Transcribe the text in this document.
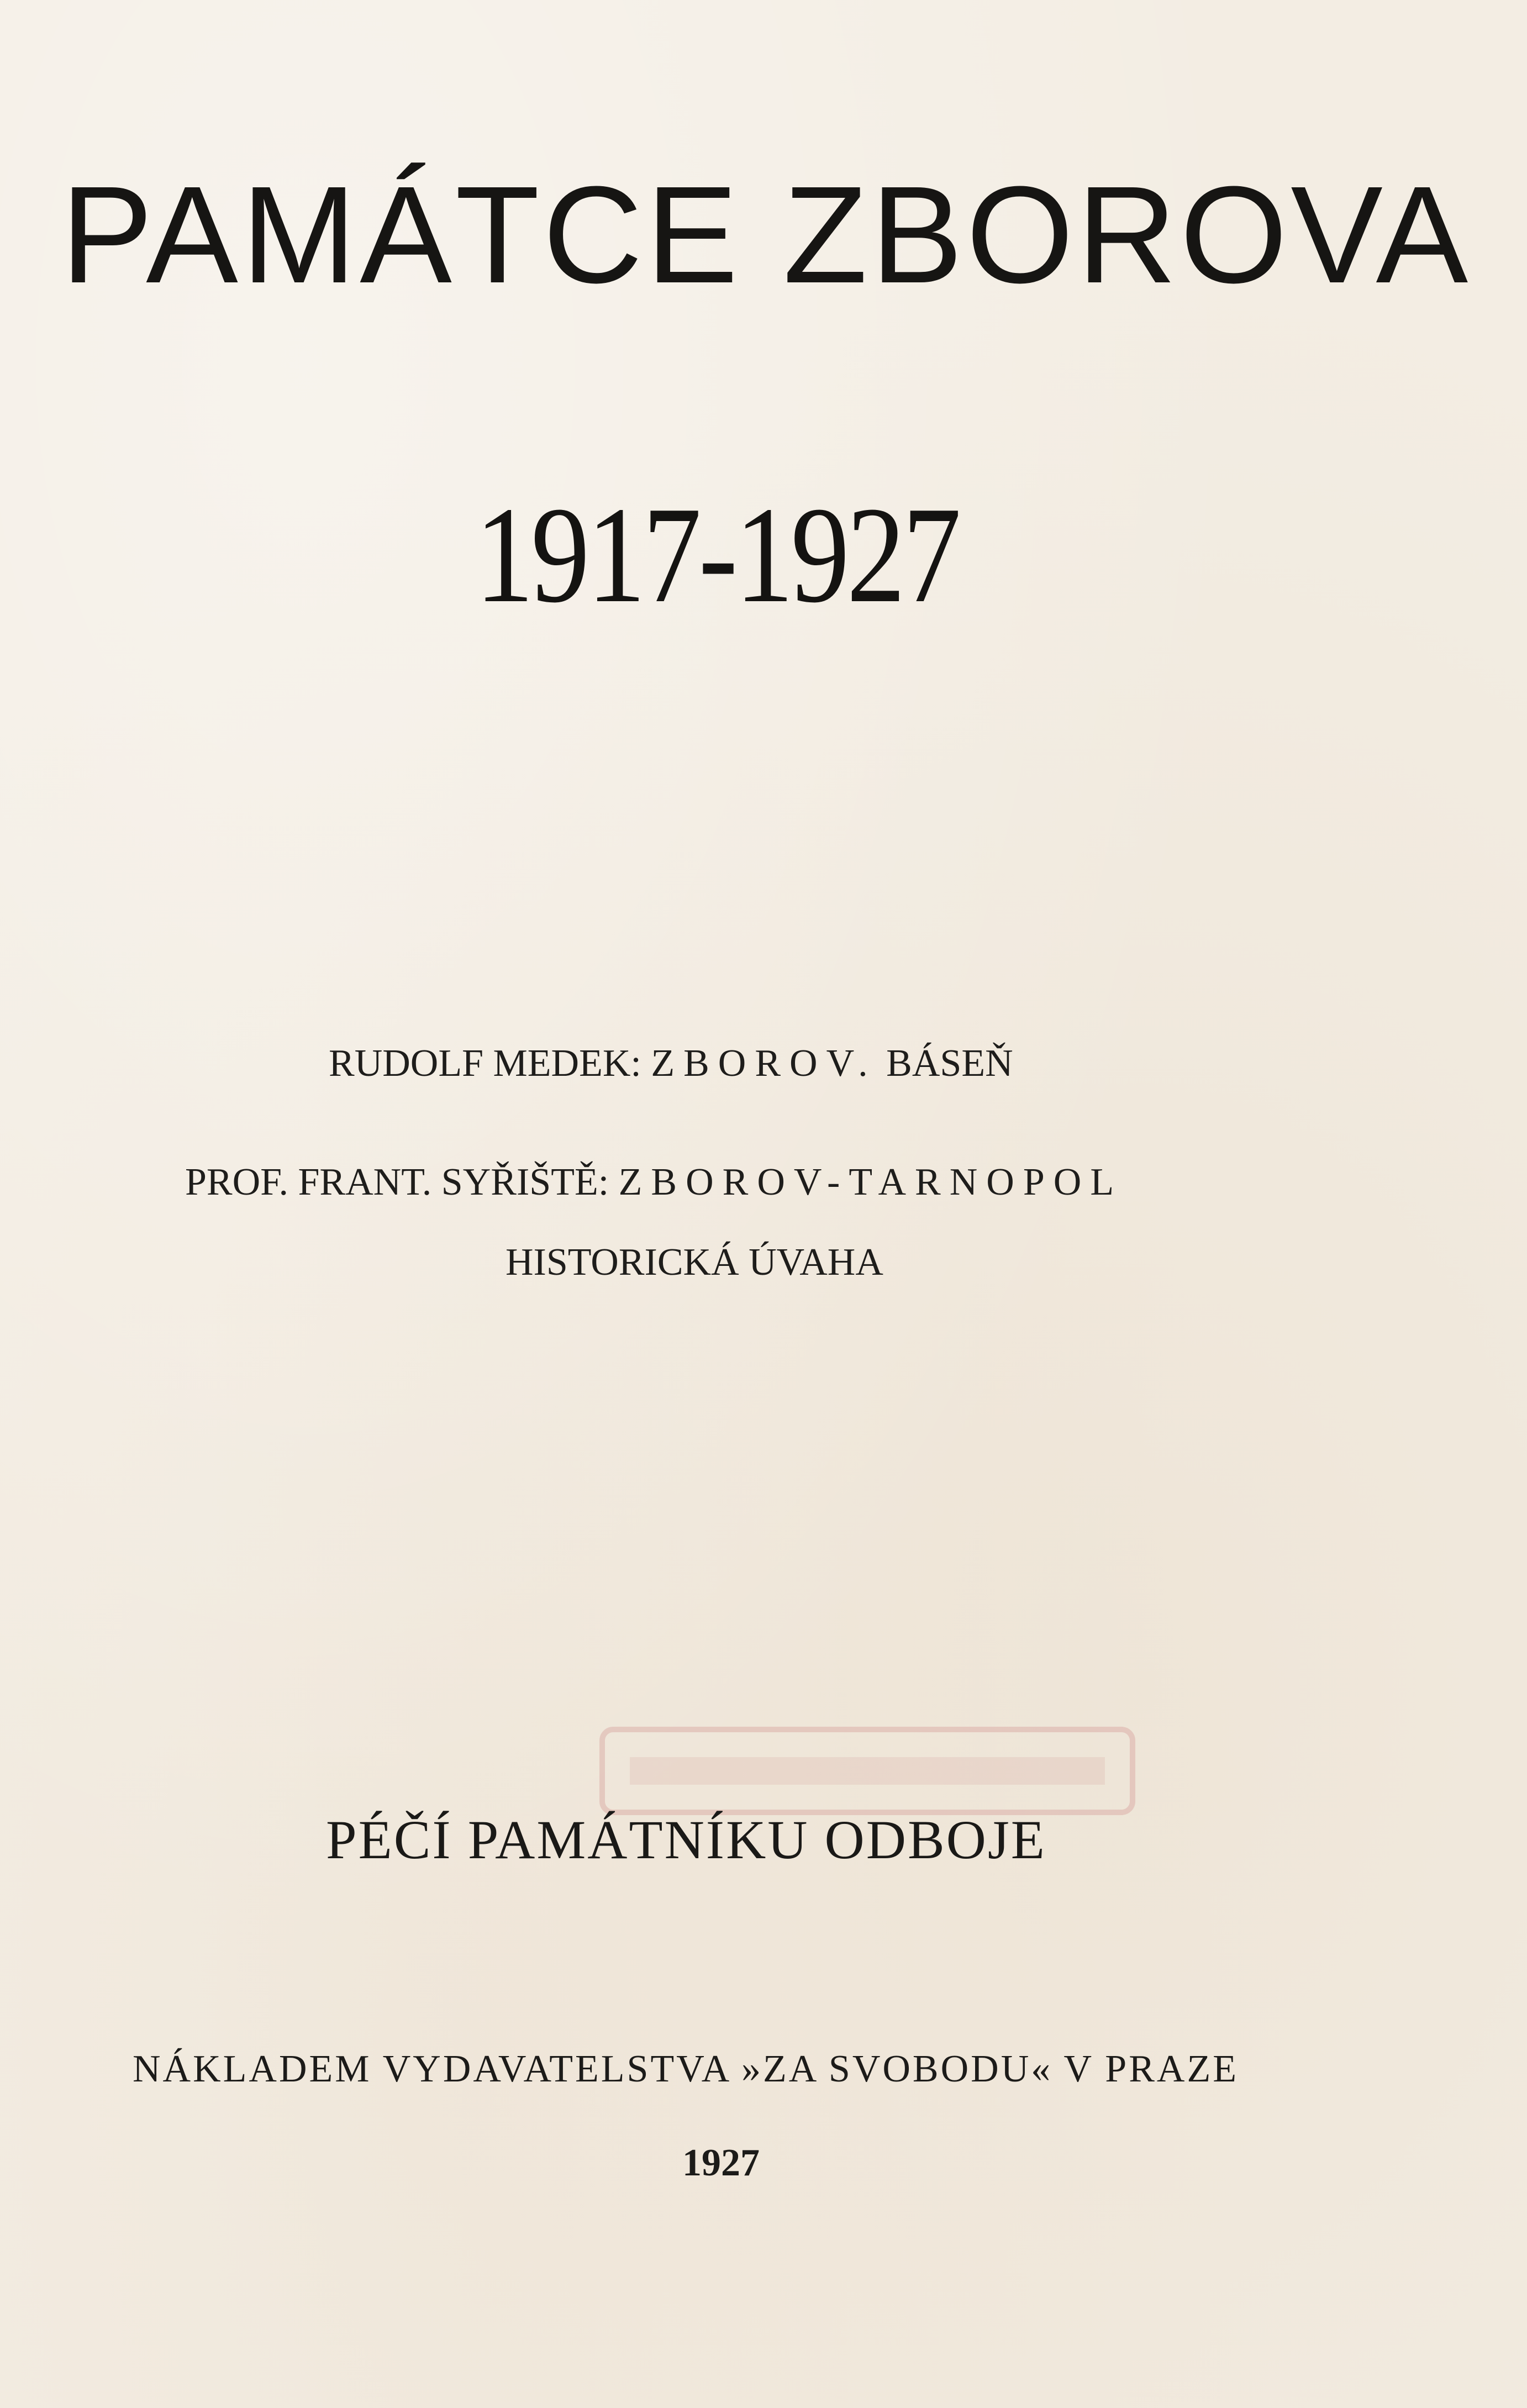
PAMÁTCE ZBOROVA
1917-1927
RUDOLF MEDEK: ZBOROV. BÁSEŇ
PROF. FRANT. SYŘIŠTĚ: ZBOROV-TARNOPOL
HISTORICKÁ ÚVAHA
PÉČÍ PAMÁTNÍKU ODBOJE
NÁKLADEM VYDAVATELSTVA »ZA SVOBODU« V PRAZE
1927
